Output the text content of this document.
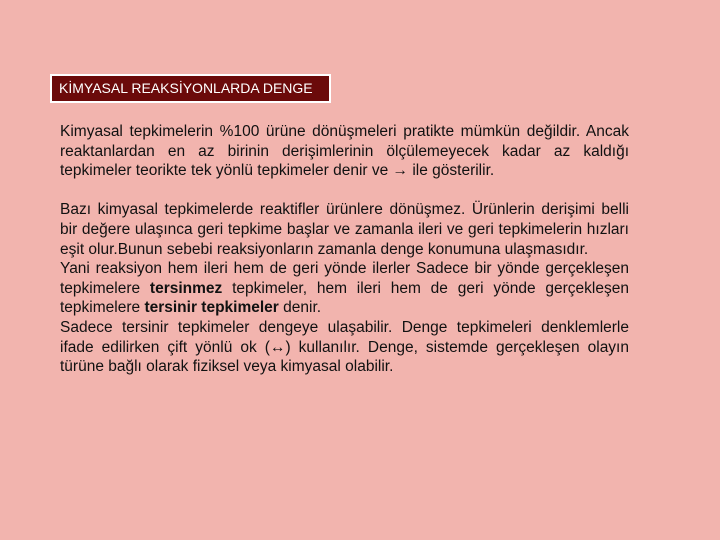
KİMYASAL REAKSİYONLARDA DENGE

Kimyasal tepkimelerin %100 ürüne dönüşmeleri pratikte mümkün değildir. Ancak reaktanlardan en az birinin derişimlerinin ölçülemeyecek kadar az kaldığı tepkimeler teorikte tek yönlü tepkimeler denir ve → ile gösterilir.

Bazı kimyasal tepkimelerde reaktifler ürünlere dönüşmez. Ürünlerin derişimi belli bir değere ulaşınca geri tepkime başlar ve zamanla ileri ve geri tepkimelerin hızları eşit olur.Bunun sebebi reaksiyonların zamanla denge konumuna ulaşmasıdır.
Yani reaksiyon hem ileri hem de geri yönde ilerler Sadece bir yönde gerçekleşen tepkimelere tersinmez tepkimeler, hem ileri hem de geri yönde gerçekleşen tepkimelere tersinir tepkimeler denir.
Sadece tersinir tepkimeler dengeye ulaşabilir. Denge tepkimeleri denklemlerle ifade edilirken çift yönlü ok (↔) kullanılır. Denge, sistemde gerçekleşen olayın türüne bağlı olarak fiziksel veya kimyasal olabilir.
